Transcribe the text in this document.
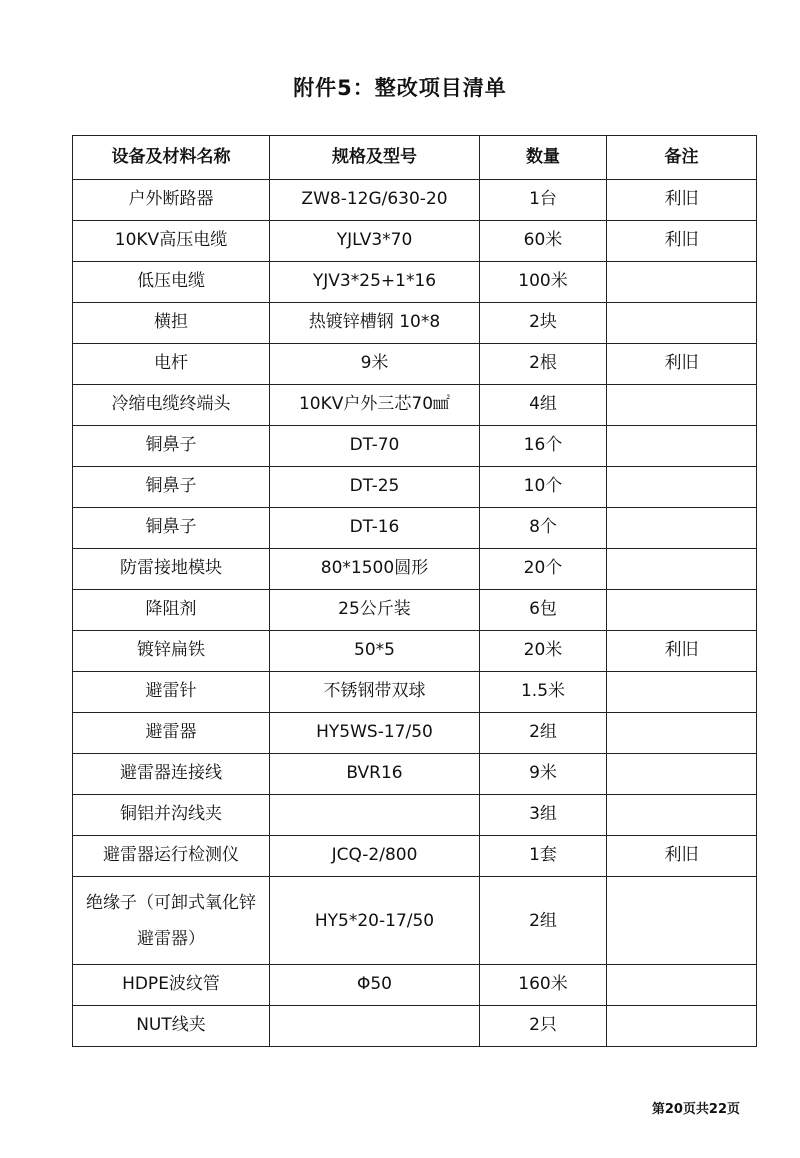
附件5：整改项目清单
设备及材料名称	规格及型号	数量	备注
户外断路器	ZW8-12G/630-20	1台	利旧
10KV高压电缆	YJLV3*70	60米	利旧
低压电缆	YJV3*25+1*16	100米	
横担	热镀锌槽钢 10*8	2块	
电杆	9米	2根	利旧
冷缩电缆终端头	10KV户外三芯70㎟	4组	
铜鼻子	DT-70	16个	
铜鼻子	DT-25	10个	
铜鼻子	DT-16	8个	
防雷接地模块	80*1500圆形	20个	
降阻剂	25公斤装	6包	
镀锌扁铁	50*5	20米	利旧
避雷针	不锈钢带双球	1.5米	
避雷器	HY5WS-17/50	2组	
避雷器连接线	BVR16	9米	
铜铝并沟线夹		3组	
避雷器运行检测仪	JCQ-2/800	1套	利旧
绝缘子（可卸式氧化锌避雷器）	HY5*20-17/50	2组	
HDPE波纹管	Φ50	160米	
NUT线夹		2只	
第20页共22页
